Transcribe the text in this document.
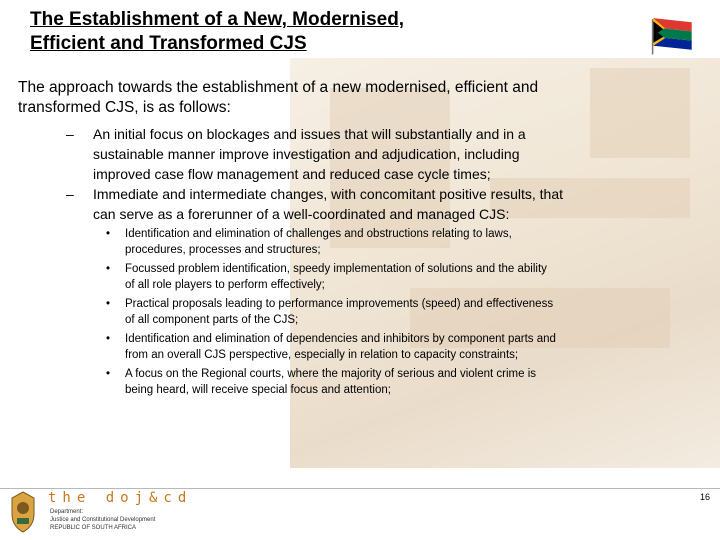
The Establishment of a New, Modernised,
Efficient and Transformed CJS
The approach towards the establishment of a new modernised, efficient and
transformed CJS, is as follows:
– An initial focus on blockages and issues that will substantially and in a
sustainable manner improve investigation and adjudication, including
improved case flow management and reduced case cycle times;
– Immediate and intermediate changes, with concomitant positive results, that
can serve as a forerunner of a well-coordinated and managed CJS:
• Identification and elimination of challenges and obstructions relating to laws,
procedures, processes and structures;
• Focussed problem identification, speedy implementation of solutions and the ability
of all role players to perform effectively;
• Practical proposals leading to performance improvements (speed) and effectiveness
of all component parts of the CJS;
• Identification and elimination of dependencies and inhibitors by component parts and
from an overall CJS perspective, especially in relation to capacity constraints;
• A focus on the Regional courts, where the majority of serious and violent crime is
being heard, will receive special focus and attention;
the doj&cd
Department:
Justice and Constitutional Development
REPUBLIC OF SOUTH AFRICA
16
